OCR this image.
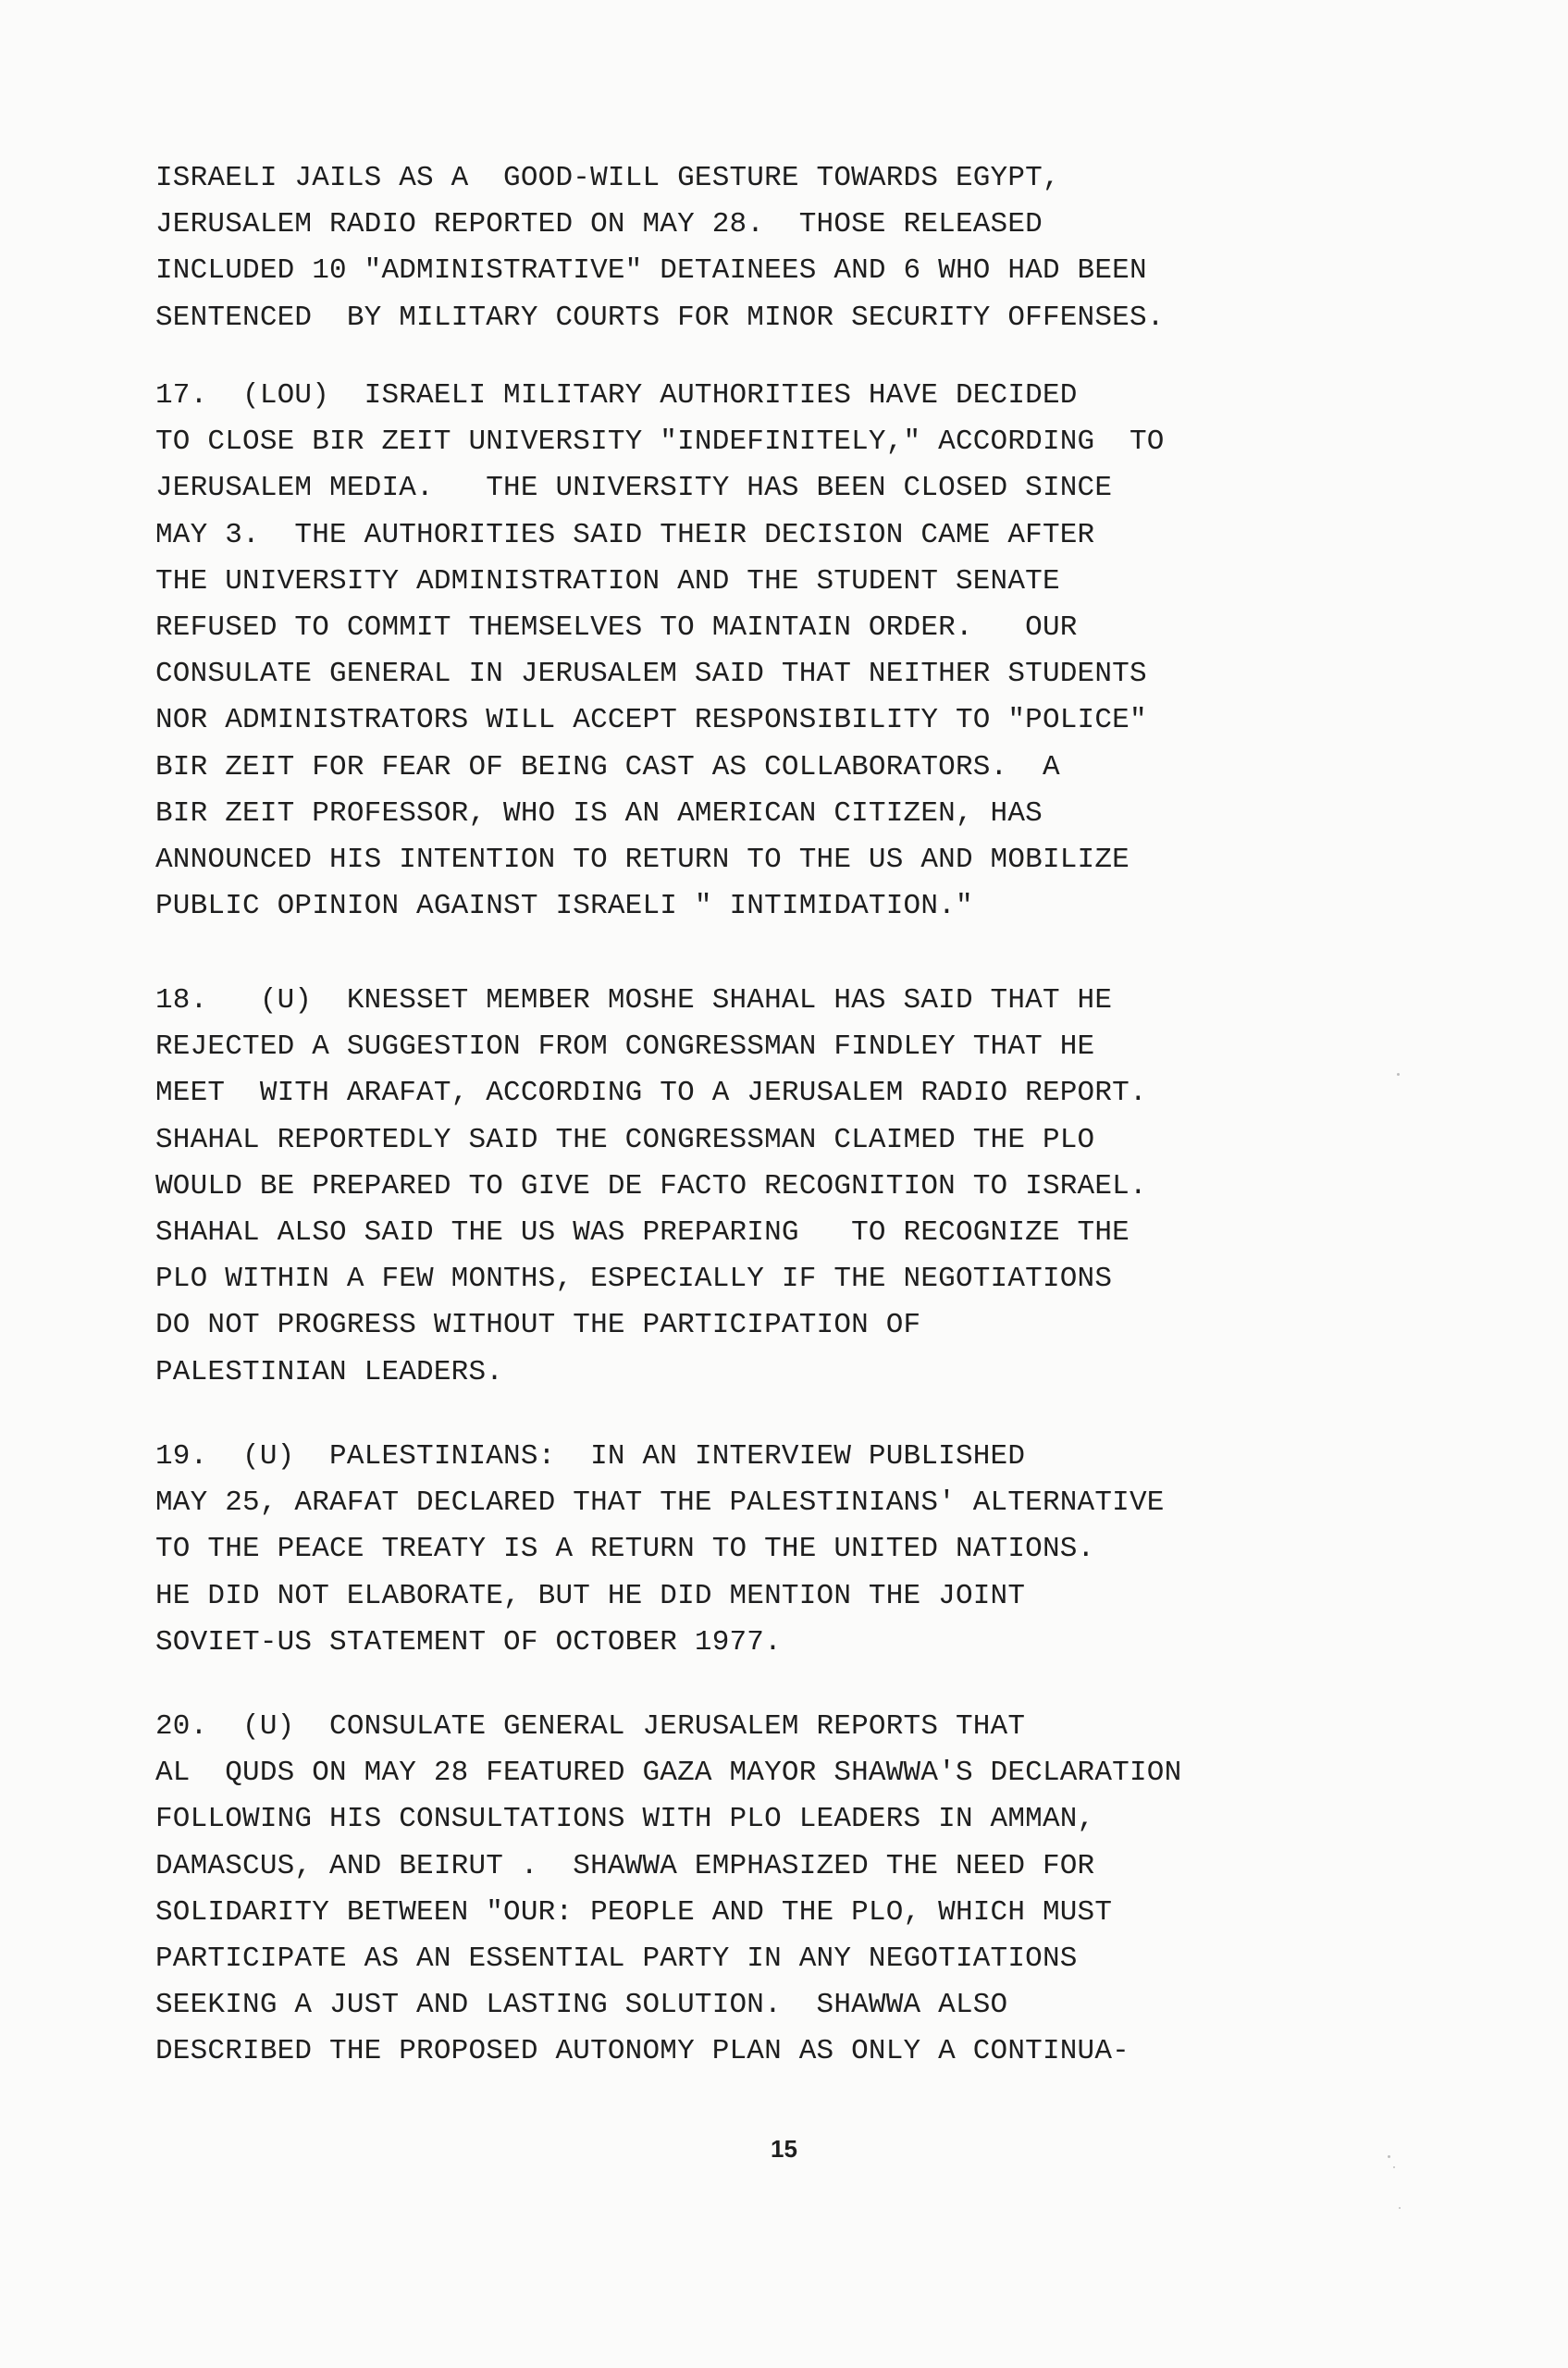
ISRAELI JAILS AS A  GOOD-WILL GESTURE TOWARDS EGYPT,
JERUSALEM RADIO REPORTED ON MAY 28.  THOSE RELEASED
INCLUDED 10 "ADMINISTRATIVE" DETAINEES AND 6 WHO HAD BEEN
SENTENCED  BY MILITARY COURTS FOR MINOR SECURITY OFFENSES.
17.  (LOU)  ISRAELI MILITARY AUTHORITIES HAVE DECIDED
TO CLOSE BIR ZEIT UNIVERSITY "INDEFINITELY," ACCORDING  TO
JERUSALEM MEDIA.   THE UNIVERSITY HAS BEEN CLOSED SINCE
MAY 3.  THE AUTHORITIES SAID THEIR DECISION CAME AFTER
THE UNIVERSITY ADMINISTRATION AND THE STUDENT SENATE
REFUSED TO COMMIT THEMSELVES TO MAINTAIN ORDER.   OUR
CONSULATE GENERAL IN JERUSALEM SAID THAT NEITHER STUDENTS
NOR ADMINISTRATORS WILL ACCEPT RESPONSIBILITY TO "POLICE"
BIR ZEIT FOR FEAR OF BEING CAST AS COLLABORATORS.  A
BIR ZEIT PROFESSOR, WHO IS AN AMERICAN CITIZEN, HAS
ANNOUNCED HIS INTENTION TO RETURN TO THE US AND MOBILIZE
PUBLIC OPINION AGAINST ISRAELI " INTIMIDATION."
18.   (U)  KNESSET MEMBER MOSHE SHAHAL HAS SAID THAT HE
REJECTED A SUGGESTION FROM CONGRESSMAN FINDLEY THAT HE
MEET  WITH ARAFAT, ACCORDING TO A JERUSALEM RADIO REPORT.
SHAHAL REPORTEDLY SAID THE CONGRESSMAN CLAIMED THE PLO
WOULD BE PREPARED TO GIVE DE FACTO RECOGNITION TO ISRAEL.
SHAHAL ALSO SAID THE US WAS PREPARING   TO RECOGNIZE THE
PLO WITHIN A FEW MONTHS, ESPECIALLY IF THE NEGOTIATIONS
DO NOT PROGRESS WITHOUT THE PARTICIPATION OF
PALESTINIAN LEADERS.
19.  (U)  PALESTINIANS:  IN AN INTERVIEW PUBLISHED
MAY 25, ARAFAT DECLARED THAT THE PALESTINIANS' ALTERNATIVE
TO THE PEACE TREATY IS A RETURN TO THE UNITED NATIONS.
HE DID NOT ELABORATE, BUT HE DID MENTION THE JOINT
SOVIET-US STATEMENT OF OCTOBER 1977.
20.  (U)  CONSULATE GENERAL JERUSALEM REPORTS THAT
AL  QUDS ON MAY 28 FEATURED GAZA MAYOR SHAWWA'S DECLARATION
FOLLOWING HIS CONSULTATIONS WITH PLO LEADERS IN AMMAN,
DAMASCUS, AND BEIRUT .  SHAWWA EMPHASIZED THE NEED FOR
SOLIDARITY BETWEEN "OUR: PEOPLE AND THE PLO, WHICH MUST
PARTICIPATE AS AN ESSENTIAL PARTY IN ANY NEGOTIATIONS
SEEKING A JUST AND LASTING SOLUTION.  SHAWWA ALSO
DESCRIBED THE PROPOSED AUTONOMY PLAN AS ONLY A CONTINUA-
15
